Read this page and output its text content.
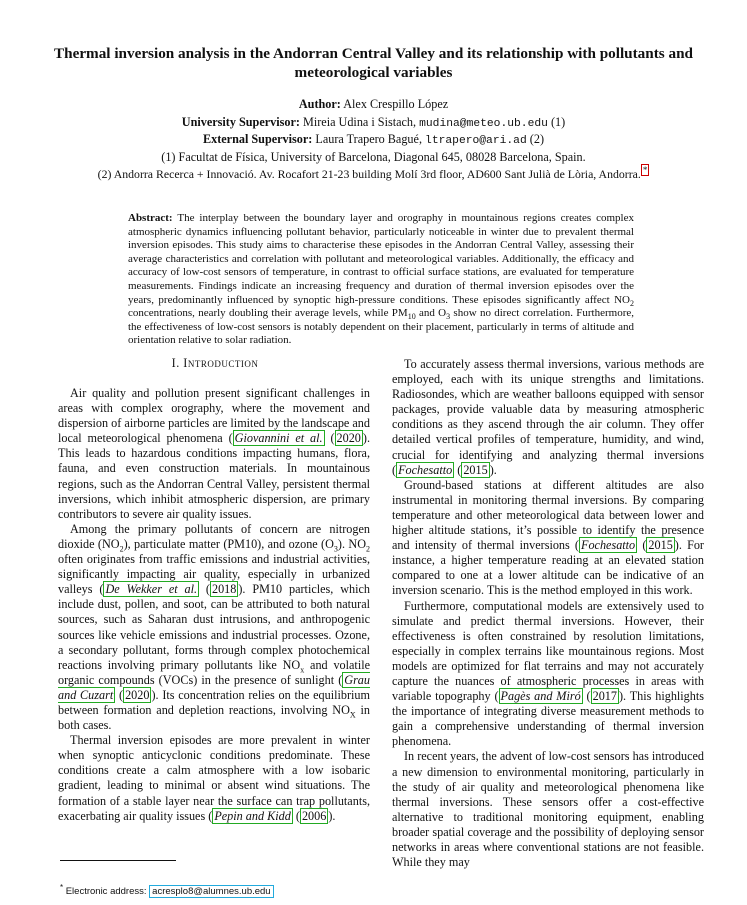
Thermal inversion analysis in the Andorran Central Valley and its relationship with pollutants and meteorological variables
Author: Alex Crespillo López
University Supervisor: Mireia Udina i Sistach, mudina@meteo.ub.edu (1)
External Supervisor: Laura Trapero Bagué, ltrapero@ari.ad (2)
(1) Facultat de Física, University of Barcelona, Diagonal 645, 08028 Barcelona, Spain.
(2) Andorra Recerca + Innovació. Av. Rocafort 21-23 building Molí 3rd floor, AD600 Sant Julià de Lòria, Andorra. *
Abstract: The interplay between the boundary layer and orography in mountainous regions creates complex atmospheric dynamics influencing pollutant behavior, particularly noticeable in winter due to prevalent thermal inversion episodes. This study aims to characterise these episodes in the Andorran Central Valley, assessing their average characteristics and correlation with pollutant and meteorological variables. Additionally, the efficacy and accuracy of low-cost sensors of temperature, in contrast to official surface stations, are evaluated for temperature measurements. Findings indicate an increasing frequency and duration of thermal inversion episodes over the years, predominantly influenced by synoptic high-pressure conditions. These episodes significantly affect $NO_2$ concentrations, nearly doubling their average levels, while $PM_{10}$ and $O_3$ show no direct correlation. Furthermore, the effectiveness of low-cost sensors is notably dependent on their placement, particularly in terms of altitude and orientation relative to solar radiation.
I. Introduction

Air quality and pollution present significant challenges in areas with complex orography, where the movement and dispersion of airborne particles are limited by the landscape and local meteorological phenomena ( Giovannini et al. ( 2020 ). This leads to hazardous conditions impacting humans, flora, fauna, and even construction materials. In mountainous regions, such as the Andorran Central Valley, persistent thermal inversions, which inhibit atmospheric dispersion, are primary contributors to severe air quality issues.

Among the primary pollutants of concern are nitrogen dioxide $(NO_2)$, particulate matter (PM10), and ozone $(O_3)$. $NO_2$ often originates from traffic emissions and industrial activities, significantly impacting air quality, especially in urbanized valleys ( De Wekker et al. ( 2018 ). PM10 particles, which include dust, pollen, and soot, can be attributed to both natural sources, such as Saharan dust intrusions, and anthropogenic sources like vehicle emissions and industrial processes. Ozone, a secondary pollutant, forms through complex photochemical reactions involving primary pollutants like $NO_x$ and volatile organic compounds (VOCs) in the presence of sunlight ( Grau and Cuzart ( 2020 ). Its concentration relies on the equilibrium between formation and depletion reactions, involving $NO_X$ in both cases.

Thermal inversion episodes are more prevalent in winter when synoptic anticyclonic conditions predominate. These conditions create a calm atmosphere with a low isobaric gradient, leading to minimal or absent wind situations. The formation of a stable layer near the surface can trap pollutants, exacerbating air quality issues ( Pepin and Kidd ( 2006 ).

To accurately assess thermal inversions, various methods are employed, each with its unique strengths and limitations. Radiosondes, which are weather balloons equipped with sensor packages, provide valuable data by measuring atmospheric conditions as they ascend through the air column. They offer detailed vertical profiles of temperature, humidity, and wind, crucial for identifying and analyzing thermal inversions ( Fochesatto ( 2015 ).

Ground-based stations at different altitudes are also instrumental in monitoring thermal inversions. By comparing temperature and other meteorological data between lower and higher altitude stations, it’s possible to identify the presence and intensity of thermal inversions ( Fochesatto ( 2015 ). For instance, a higher temperature reading at an elevated station compared to one at a lower altitude can be indicative of an inversion scenario. This is the method employed in this work.

Furthermore, computational models are extensively used to simulate and predict thermal inversions. However, their effectiveness is often constrained by resolution limitations, especially in complex terrains like mountainous regions. Most models are optimized for flat terrains and may not accurately capture the nuances of atmospheric processes in areas with variable topography ( Pagès and Miró ( 2017 ). This highlights the importance of integrating diverse measurement methods to gain a comprehensive understanding of thermal inversion phenomena.

In recent years, the advent of low-cost sensors has introduced a new dimension to environmental monitoring, particularly in the study of air quality and meteorological phenomena like thermal inversions. These sensors offer a cost-effective alternative to traditional monitoring equipment, enabling broader spatial coverage and the possibility of deploying sensor networks in areas where conventional stations are not feasible. While they may

* Electronic address: acresplo8@alumnes.ub.edu
